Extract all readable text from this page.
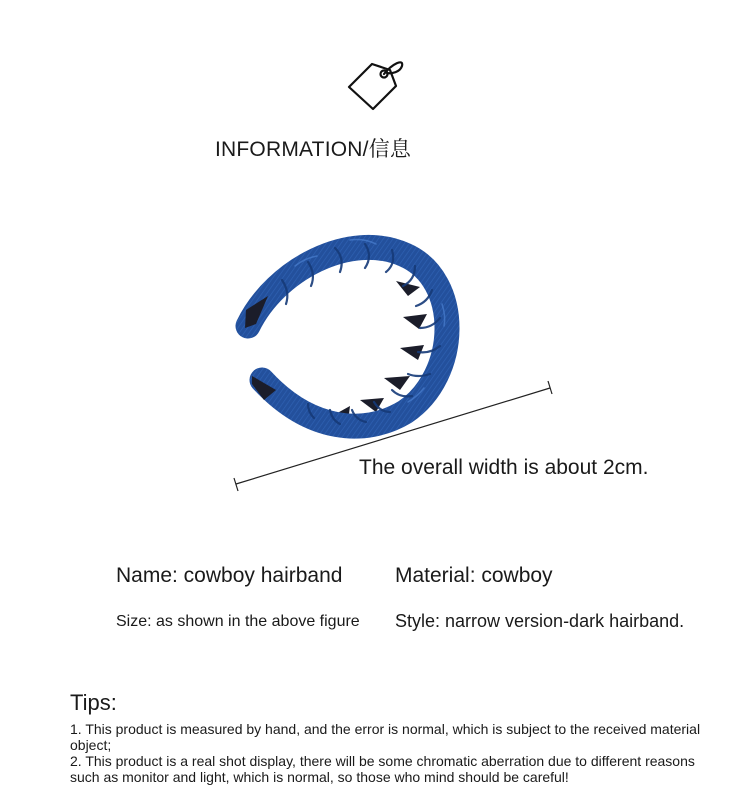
INFORMATION/信息
The overall width is about 2cm.
Name: cowboy hairband	Material: cowboy
Size: as shown in the above figure Style: narrow version-dark hairband.
Tips:

1. This product is measured by hand, and the error is normal, which is subject to the received material object;

2. This product is a real shot display, there will be some chromatic aberration due to different reasons such as monitor and light, which is normal, so those who mind should be careful!
